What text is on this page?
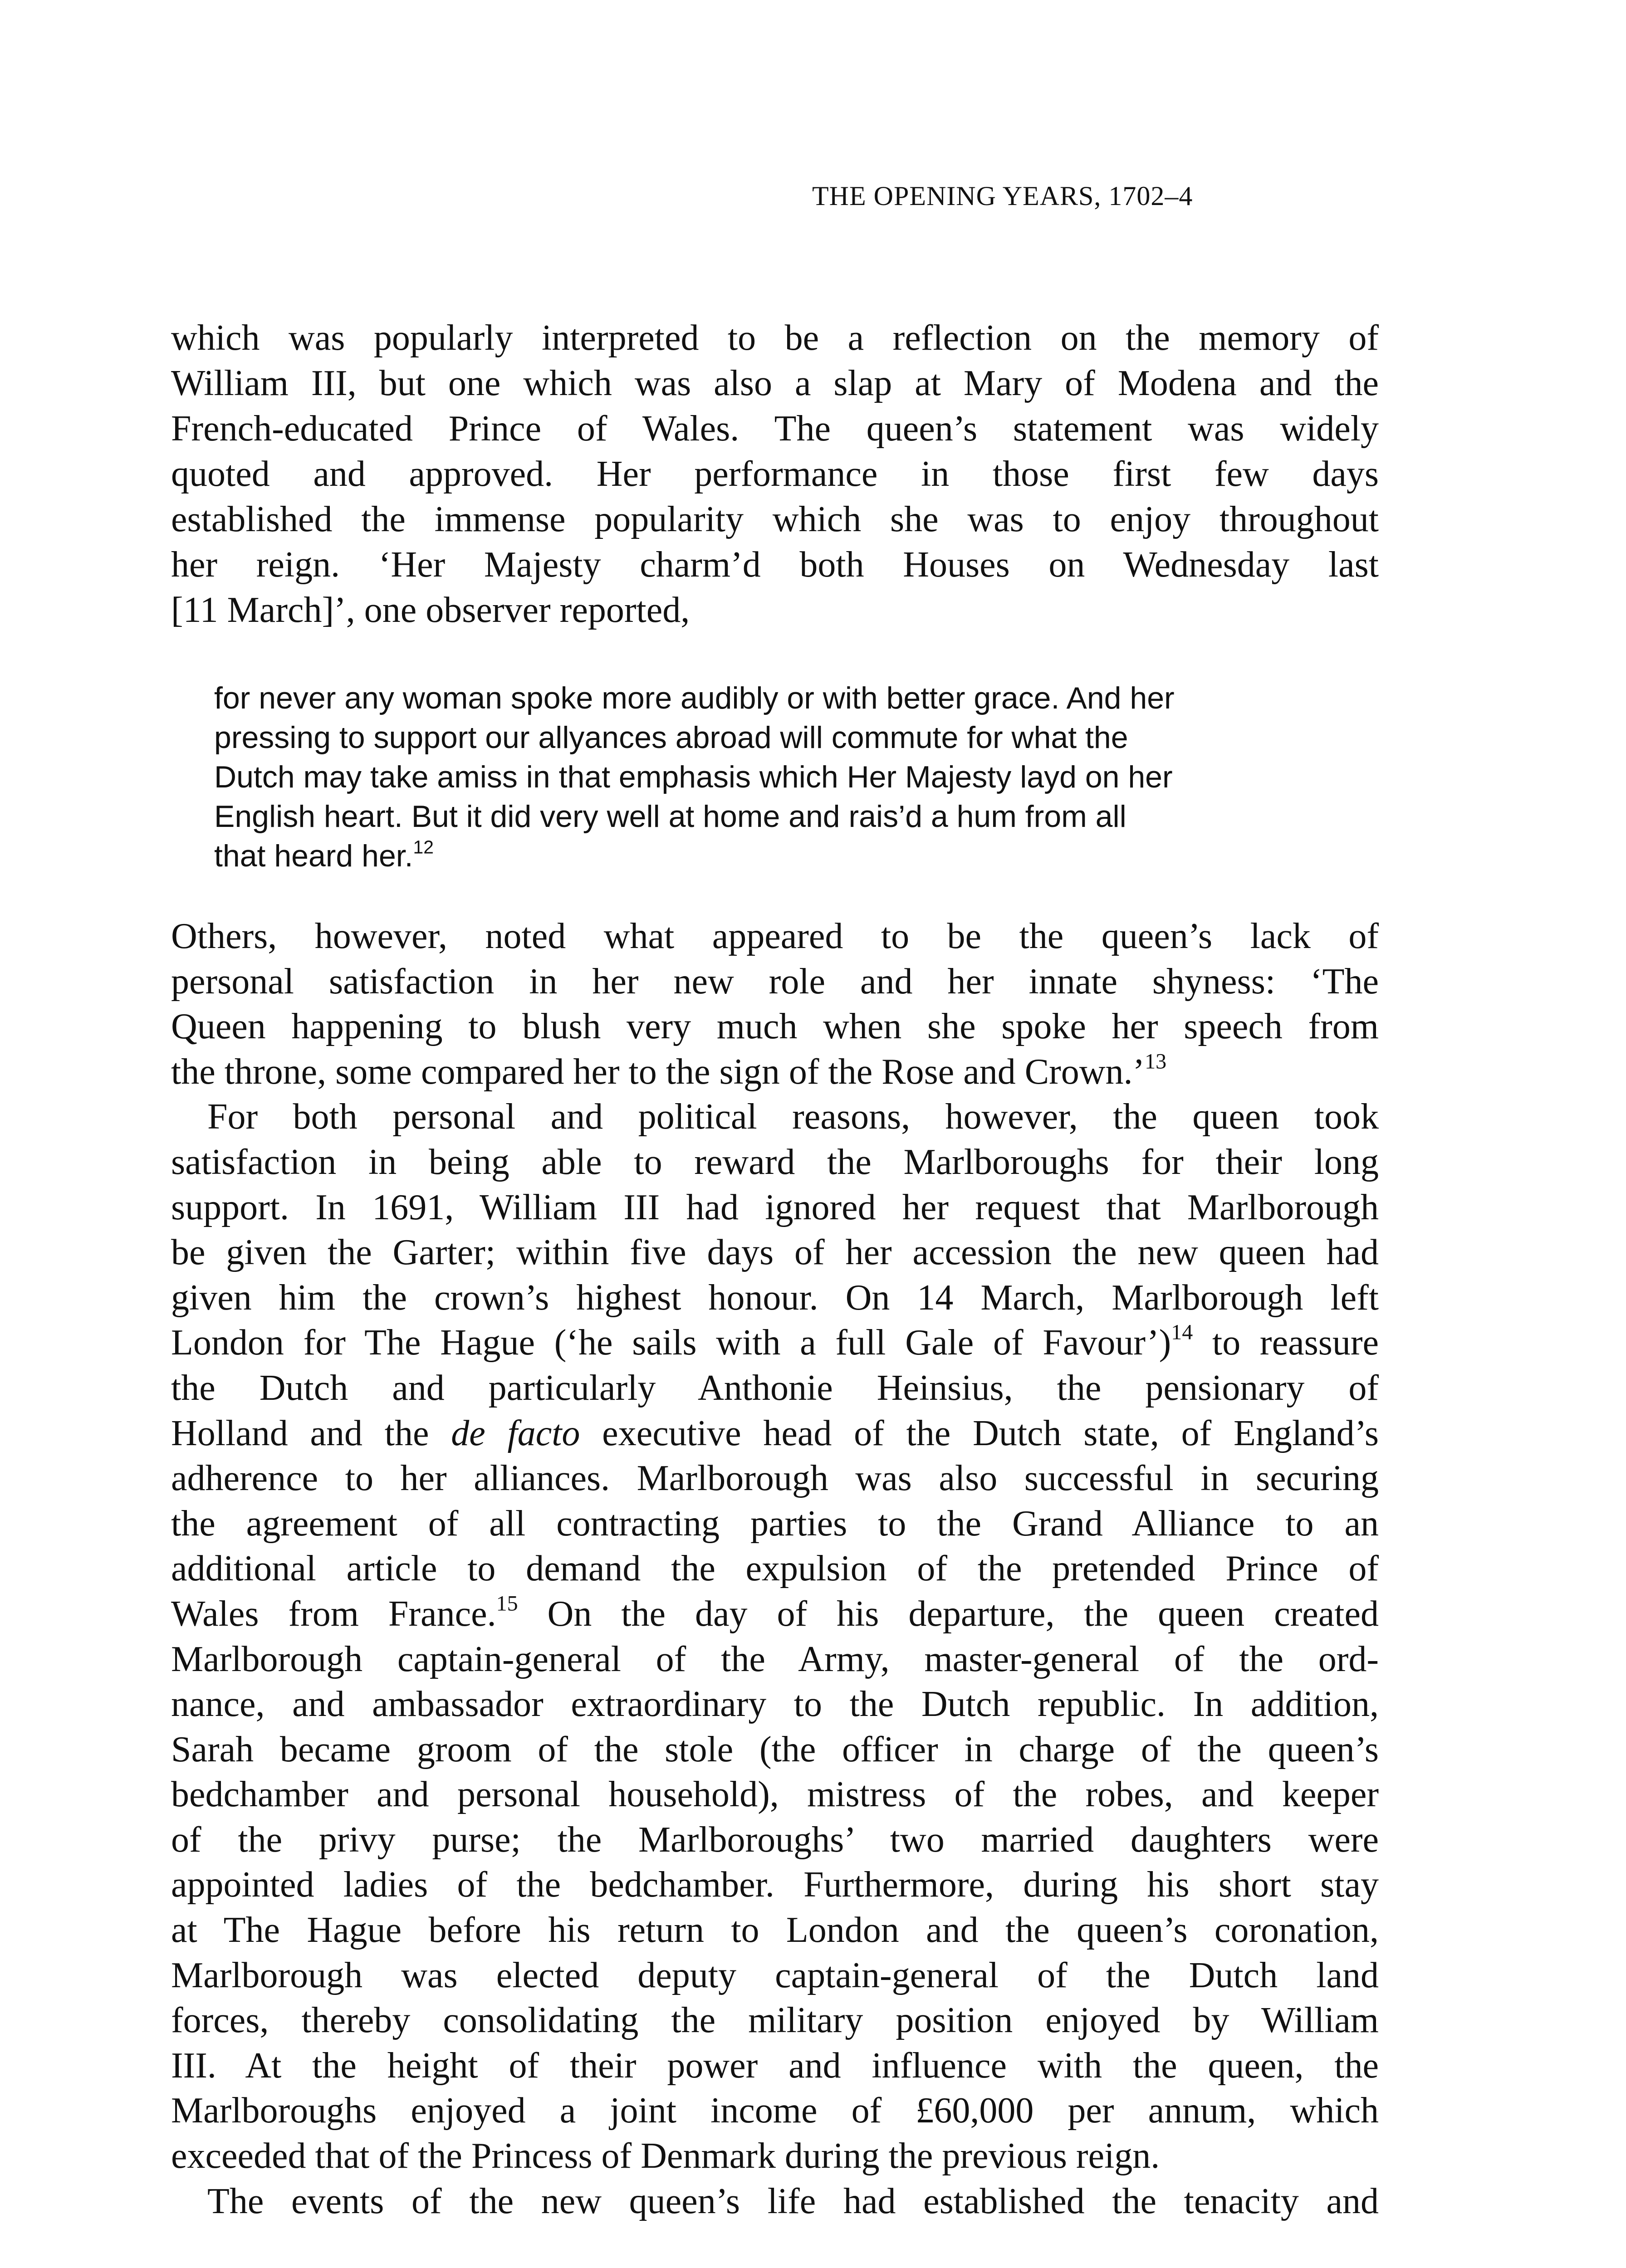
THE OPENING YEARS, 1702–4
which was popularly interpreted to be a reflection on the memory of
William III, but one which was also a slap at Mary of Modena and the
French-educated Prince of Wales. The queen’s statement was widely
quoted and approved. Her performance in those first few days
established the immense popularity which she was to enjoy throughout
her reign. ‘Her Majesty charm’d both Houses on Wednesday last
[11 March]’, one observer reported,
for never any woman spoke more audibly or with better grace. And her
pressing to support our allyances abroad will commute for what the
Dutch may take amiss in that emphasis which Her Majesty layd on her
English heart. But it did very well at home and rais’d a hum from all
that heard her.$^{12}$
Others, however, noted what appeared to be the queen’s lack of
personal satisfaction in her new role and her innate shyness: ‘The
Queen happening to blush very much when she spoke her speech from
the throne, some compared her to the sign of the Rose and Crown.’$^{13}$
For both personal and political reasons, however, the queen took
satisfaction in being able to reward the Marlboroughs for their long
support. In 1691, William III had ignored her request that Marlborough
be given the Garter; within five days of her accession the new queen had
given him the crown’s highest honour. On 14 March, Marlborough left
London for The Hague (‘he sails with a full Gale of Favour’)$^{14}$ to reassure
the Dutch and particularly Anthonie Heinsius, the pensionary of
Holland and the de facto executive head of the Dutch state, of England’s
adherence to her alliances. Marlborough was also successful in securing
the agreement of all contracting parties to the Grand Alliance to an
additional article to demand the expulsion of the pretended Prince of
Wales from France.$^{15}$ On the day of his departure, the queen created
Marlborough captain-general of the Army, master-general of the ord-
nance, and ambassador extraordinary to the Dutch republic. In addition,
Sarah became groom of the stole (the officer in charge of the queen’s
bedchamber and personal household), mistress of the robes, and keeper
of the privy purse; the Marlboroughs’ two married daughters were
appointed ladies of the bedchamber. Furthermore, during his short stay
at The Hague before his return to London and the queen’s coronation,
Marlborough was elected deputy captain-general of the Dutch land
forces, thereby consolidating the military position enjoyed by William
III. At the height of their power and influence with the queen, the
Marlboroughs enjoyed a joint income of £60,000 per annum, which
exceeded that of the Princess of Denmark during the previous reign.
The events of the new queen’s life had established the tenacity and
